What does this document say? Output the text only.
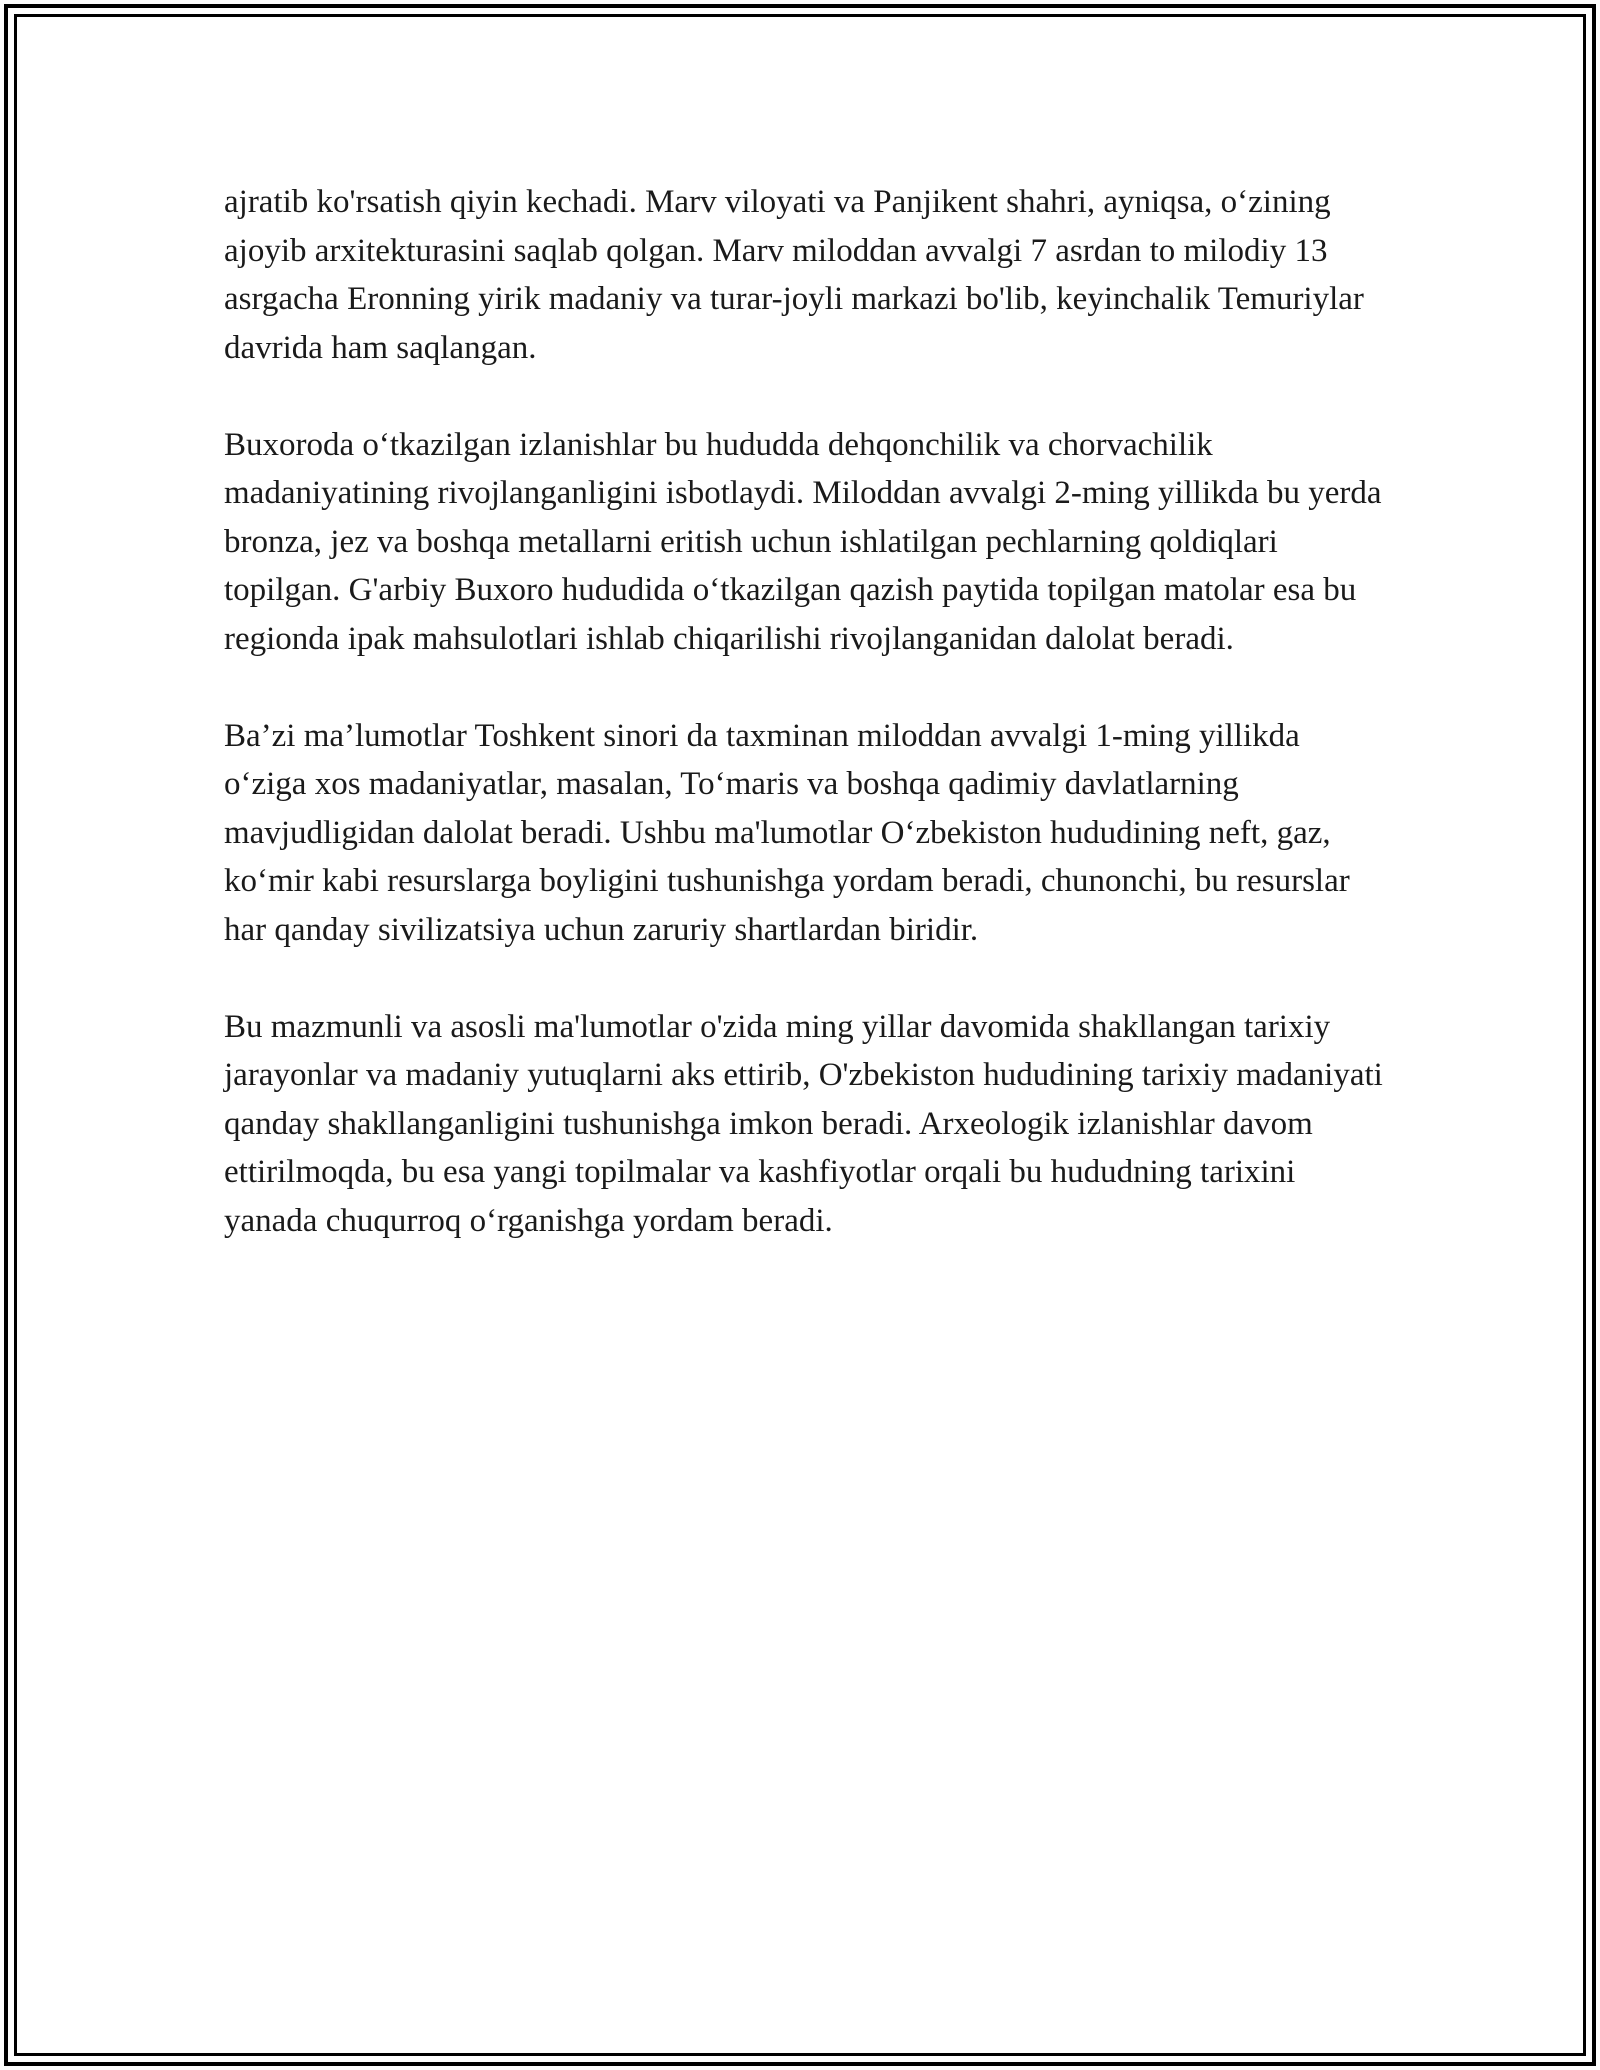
ajratib ko'rsatish qiyin kechadi. Marv viloyati va Panjikent shahri, ayniqsa, o‘zining ajoyib arxitekturasini saqlab qolgan. Marv miloddan avvalgi 7 asrdan to milodiy 13 asrgacha Eronning yirik madaniy va turar-joyli markazi bo'lib, keyinchalik Temuriylar davrida ham saqlangan.

Buxoroda o‘tkazilgan izlanishlar bu hududda dehqonchilik va chorvachilik madaniyatining rivojlanganligini isbotlaydi. Miloddan avvalgi 2-ming yillikda bu yerda bronza, jez va boshqa metallarni eritish uchun ishlatilgan pechlarning qoldiqlari topilgan. G'arbiy Buxoro hududida o‘tkazilgan qazish paytida topilgan matolar esa bu regionda ipak mahsulotlari ishlab chiqarilishi rivojlanganidan dalolat beradi.

Ba’zi ma’lumotlar Toshkent sinori da taxminan miloddan avvalgi 1-ming yillikda o‘ziga xos madaniyatlar, masalan, To‘maris va boshqa qadimiy davlatlarning mavjudligidan dalolat beradi. Ushbu ma'lumotlar O‘zbekiston hududining neft, gaz, ko‘mir kabi resurslarga boyligini tushunishga yordam beradi, chunonchi, bu resurslar har qanday sivilizatsiya uchun zaruriy shartlardan biridir.

Bu mazmunli va asosli ma'lumotlar o'zida ming yillar davomida shakllangan tarixiy jarayonlar va madaniy yutuqlarni aks ettirib, O'zbekiston hududining tarixiy madaniyati qanday shakllanganligini tushunishga imkon beradi. Arxeologik izlanishlar davom ettirilmoqda, bu esa yangi topilmalar va kashfiyotlar orqali bu hududning tarixini yanada chuqurroq o‘rganishga yordam beradi.
